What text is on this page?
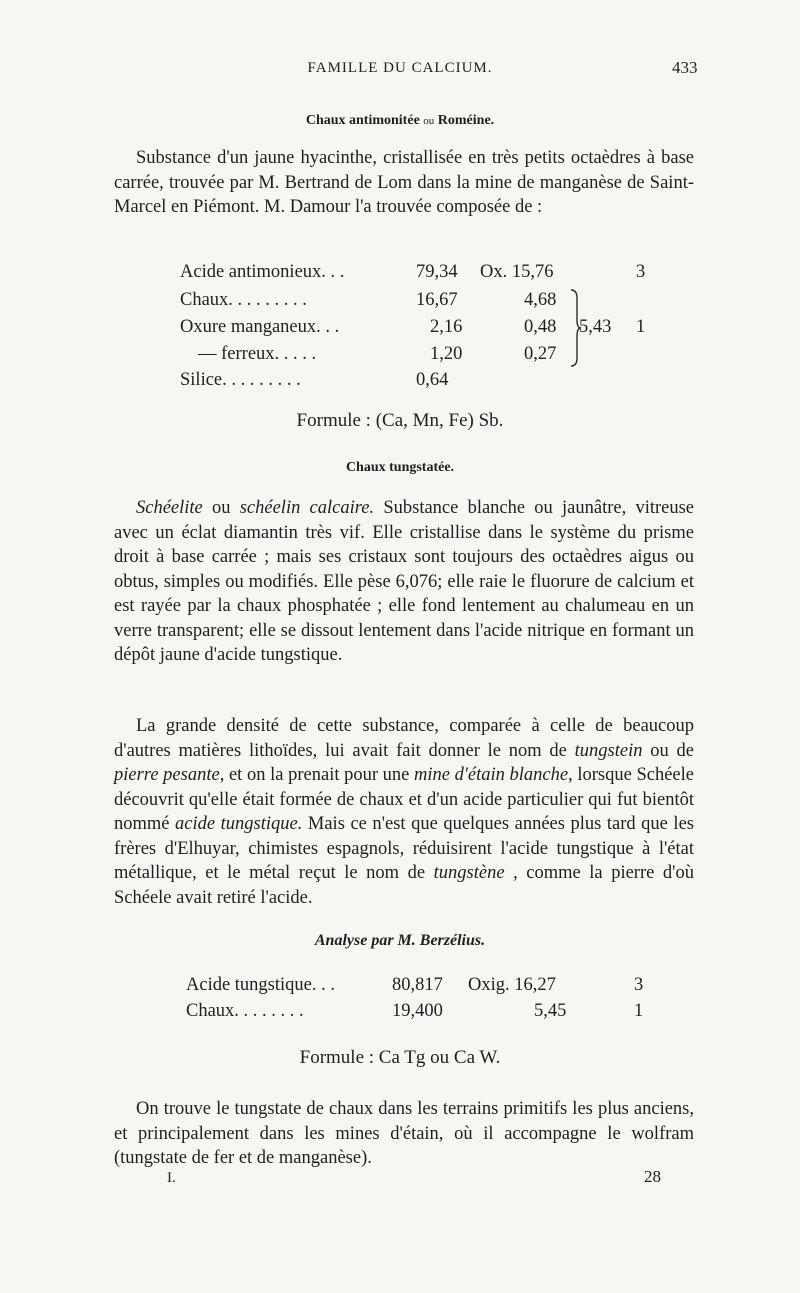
FAMILLE DU CALCIUM.	433
Chaux antimonitée ou Roméine.
Substance d'un jaune hyacinthe, cristallisée en très petits octaèdres à base carrée, trouvée par M. Bertrand de Lom dans la mine de manganèse de Saint-Marcel en Piémont. M. Damour l'a trouvée composée de :
Acide antimonieux. . .	79,34 Ox. 15,76	3
Chaux. . . . . . . . .	16,67	4,68
Oxure manganeux. . .	2,16	0,48 5,43 1
— ferreux. . . . .	1,20	0,27
Silice. . . . . . . . .	0,64
Formule : (Ca, Mn, Fe) Sb.
Chaux tungstatée.
Schéelite ou schéelin calcaire. Substance blanche ou jaunâtre, vitreuse avec un éclat diamantin très vif. Elle cristallise dans le système du prisme droit à base carrée ; mais ses cristaux sont toujours des octaèdres aigus ou obtus, simples ou modifiés. Elle pèse 6,076; elle raie le fluorure de calcium et est rayée par la chaux phosphatée ; elle fond lentement au chalumeau en un verre transparent; elle se dissout lentement dans l'acide nitrique en formant un dépôt jaune d'acide tungstique.
La grande densité de cette substance, comparée à celle de beaucoup d'autres matières lithoïdes, lui avait fait donner le nom de tungstein ou de pierre pesante, et on la prenait pour une mine d'étain blanche, lorsque Schéele découvrit qu'elle était formée de chaux et d'un acide particulier qui fut bientôt nommé acide tungstique. Mais ce n'est que quelques années plus tard que les frères d'Elhuyar, chimistes espagnols, réduisirent l'acide tungstique à l'état métallique, et le métal reçut le nom de tungstène , comme la pierre d'où Schéele avait retiré l'acide.
Analyse par M. Berzélius.
Acide tungstique. . .	80,817 Oxig. 16,27	3
Chaux. . . . . . . .	19,400	5,45	1
Formule : Ca Tg ou Ca W.
On trouve le tungstate de chaux dans les terrains primitifs les plus anciens, et principalement dans les mines d'étain, où il accompagne le wolfram (tungstate de fer et de manganèse).
I.	28
